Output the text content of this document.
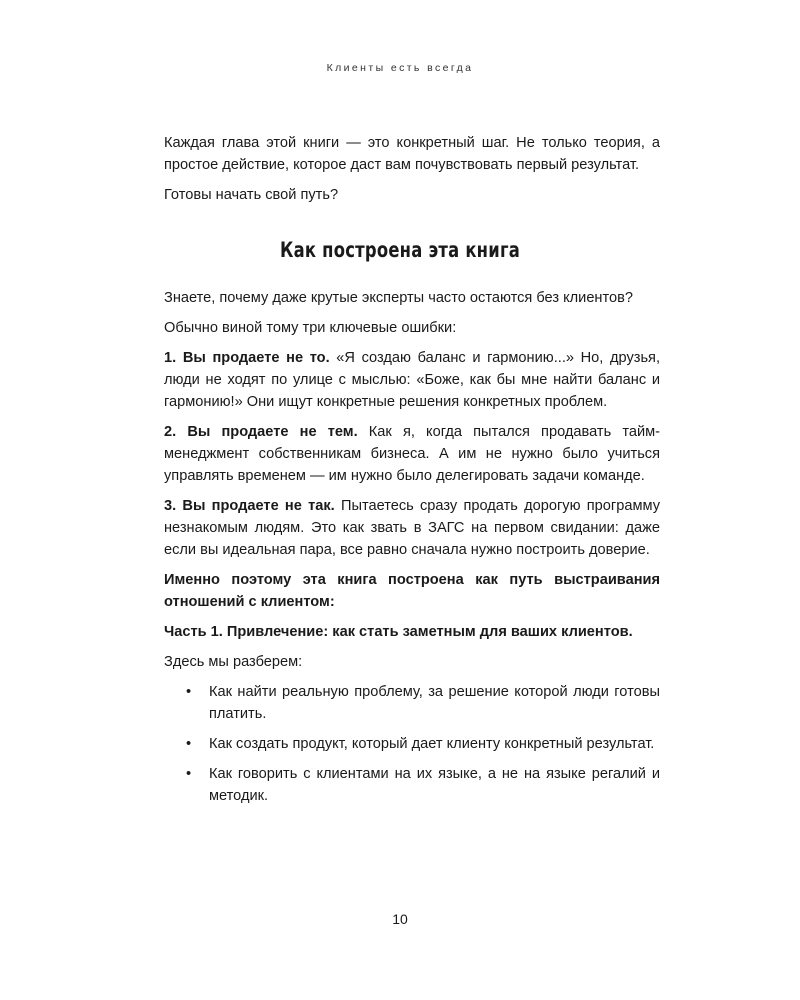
Клиенты есть всегда

Каждая глава этой книги — это конкретный шаг. Не только теория, а простое действие, которое даст вам почувствовать первый результат.

Готовы начать свой путь?

Как построена эта книга

Знаете, почему даже крутые эксперты часто остаются без клиентов?

Обычно виной тому три ключевые ошибки:

1. Вы продаете не то. «Я создаю баланс и гармонию...» Но, друзья, люди не ходят по улице с мыслью: «Боже, как бы мне найти баланс и гармонию!» Они ищут конкретные решения конкретных проблем.

2. Вы продаете не тем. Как я, когда пытался продавать тайм-менеджмент собственникам бизнеса. А им не нужно было учиться управлять временем — им нужно было делегировать задачи команде.

3. Вы продаете не так. Пытаетесь сразу продать дорогую программу незнакомым людям. Это как звать в ЗАГС на первом свидании: даже если вы идеальная пара, все равно сначала нужно построить доверие.

Именно поэтому эта книга построена как путь выстраивания отношений с клиентом:

Часть 1. Привлечение: как стать заметным для ваших клиентов.

Здесь мы разберем:

• Как найти реальную проблему, за решение которой люди готовы платить.
• Как создать продукт, который дает клиенту конкретный результат.
• Как говорить с клиентами на их языке, а не на языке регалий и методик.
10
